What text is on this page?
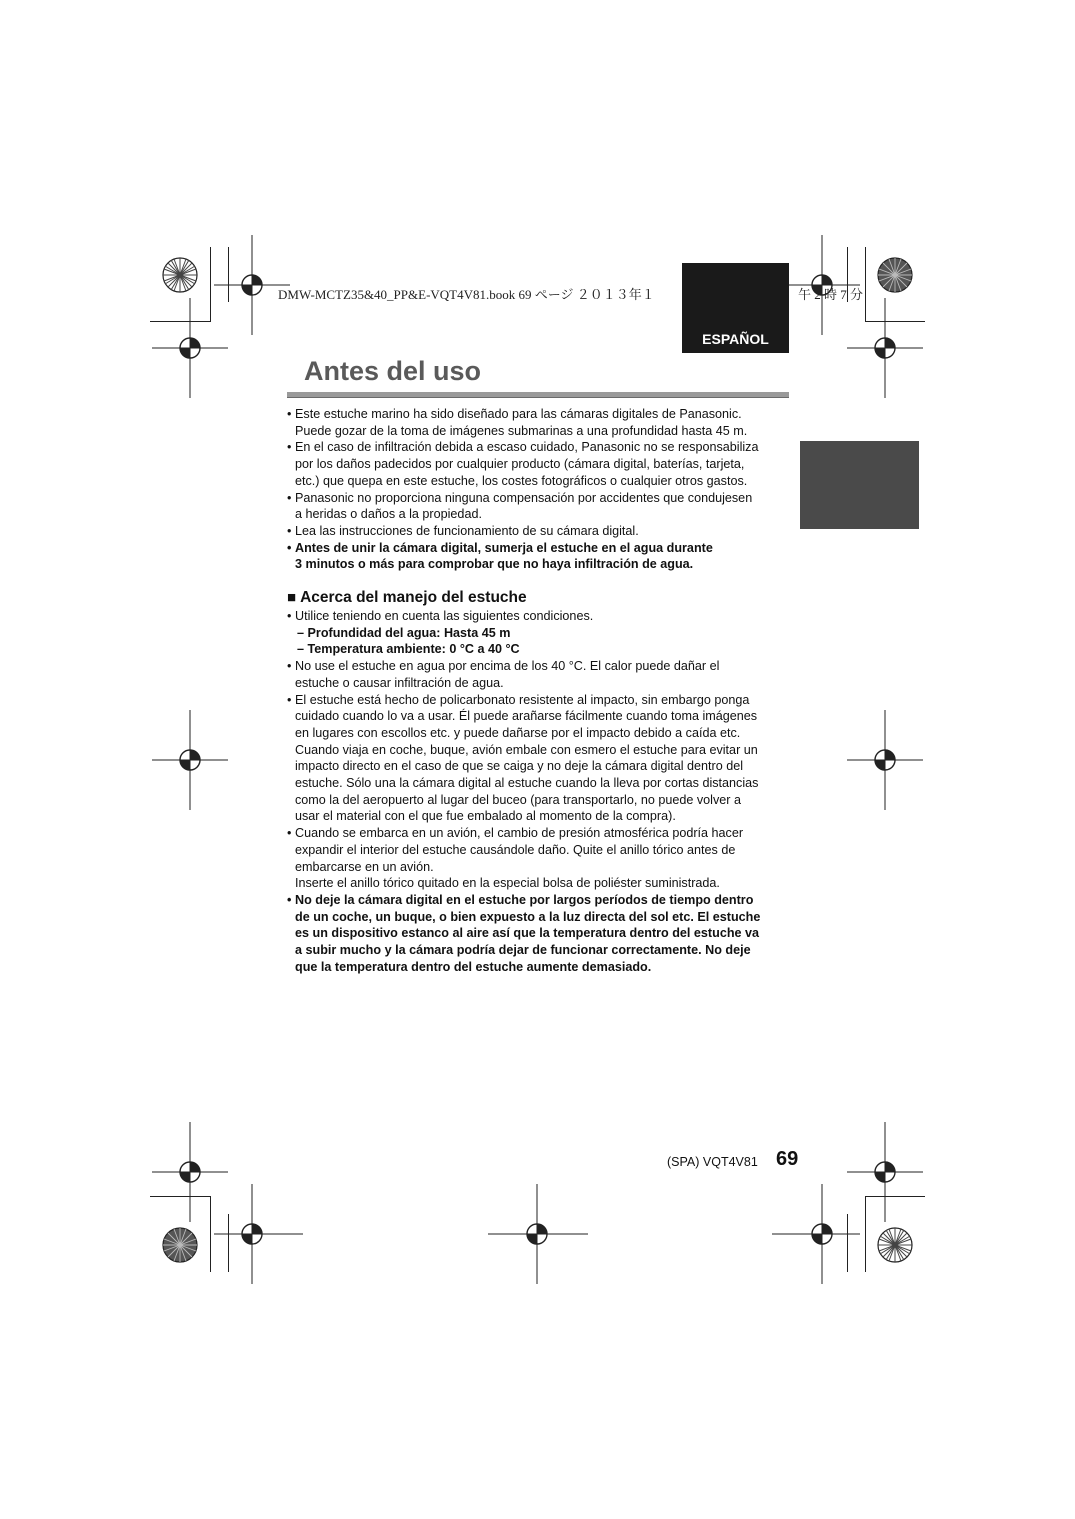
DMW-MCTZ35&40_PP&E-VQT4V81.book 69 ページ ２０１３年１	午 2 時 7 分
ESPAÑOL
Antes del uso
• Este estuche marino ha sido diseñado para las cámaras digitales de Panasonic.
Puede gozar de la toma de imágenes submarinas a una profundidad hasta 45 m.
• En el caso de infiltración debida a escaso cuidado, Panasonic no se responsabiliza
por los daños padecidos por cualquier producto (cámara digital, baterías, tarjeta,
etc.) que quepa en este estuche, los costes fotográficos o cualquier otros gastos.
• Panasonic no proporciona ninguna compensación por accidentes que condujesen
a heridas o daños a la propiedad.
• Lea las instrucciones de funcionamiento de su cámara digital.
• Antes de unir la cámara digital, sumerja el estuche en el agua durante
3 minutos o más para comprobar que no haya infiltración de agua.
■ Acerca del manejo del estuche
• Utilice teniendo en cuenta las siguientes condiciones.
– Profundidad del agua: Hasta 45 m
– Temperatura ambiente: 0 °C a 40 °C
• No use el estuche en agua por encima de los 40 °C. El calor puede dañar el
estuche o causar infiltración de agua.
• El estuche está hecho de policarbonato resistente al impacto, sin embargo ponga
cuidado cuando lo va a usar. Él puede arañarse fácilmente cuando toma imágenes
en lugares con escollos etc. y puede dañarse por el impacto debido a caída etc.
Cuando viaja en coche, buque, avión embale con esmero el estuche para evitar un
impacto directo en el caso de que se caiga y no deje la cámara digital dentro del
estuche. Sólo una la cámara digital al estuche cuando la lleva por cortas distancias
como la del aeropuerto al lugar del buceo (para transportarlo, no puede volver a
usar el material con el que fue embalado al momento de la compra).
• Cuando se embarca en un avión, el cambio de presión atmosférica podría hacer
expandir el interior del estuche causándole daño. Quite el anillo tórico antes de
embarcarse en un avión.
Inserte el anillo tórico quitado en la especial bolsa de poliéster suministrada.
• No deje la cámara digital en el estuche por largos períodos de tiempo dentro
de un coche, un buque, o bien expuesto a la luz directa del sol etc. El estuche
es un dispositivo estanco al aire así que la temperatura dentro del estuche va
a subir mucho y la cámara podría dejar de funcionar correctamente. No deje
que la temperatura dentro del estuche aumente demasiado.
(SPA) VQT4V81 69
